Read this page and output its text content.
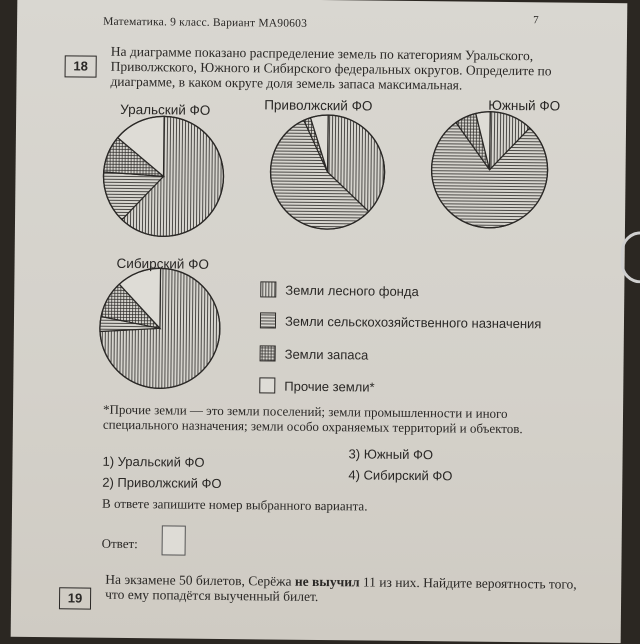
Математика. 9 класс. Вариант МА90603	7
18
На диаграмме показано распределение земель по категориям Уральского, Приволжского, Южного и Сибирского федеральных округов. Определите по диаграмме, в каком округе доля земель запаса максимальная.
Уральский ФО	Приволжский ФО	Южный ФО
Сибирский ФО
Земли лесного фонда
Земли сельскохозяйственного назначения
Земли запаса
Прочие земли*
*Прочие земли — это земли поселений; земли промышленности и иного специального назначения; земли особо охраняемых территорий и объектов.
1) Уральский ФО
2) Приволжский ФО
3) Южный ФО
4) Сибирский ФО
В ответе запишите номер выбранного варианта.
Ответ:
19
На экзамене 50 билетов, Серёжа не выучил 11 из них. Найдите вероятность того, что ему попадётся выученный билет.
